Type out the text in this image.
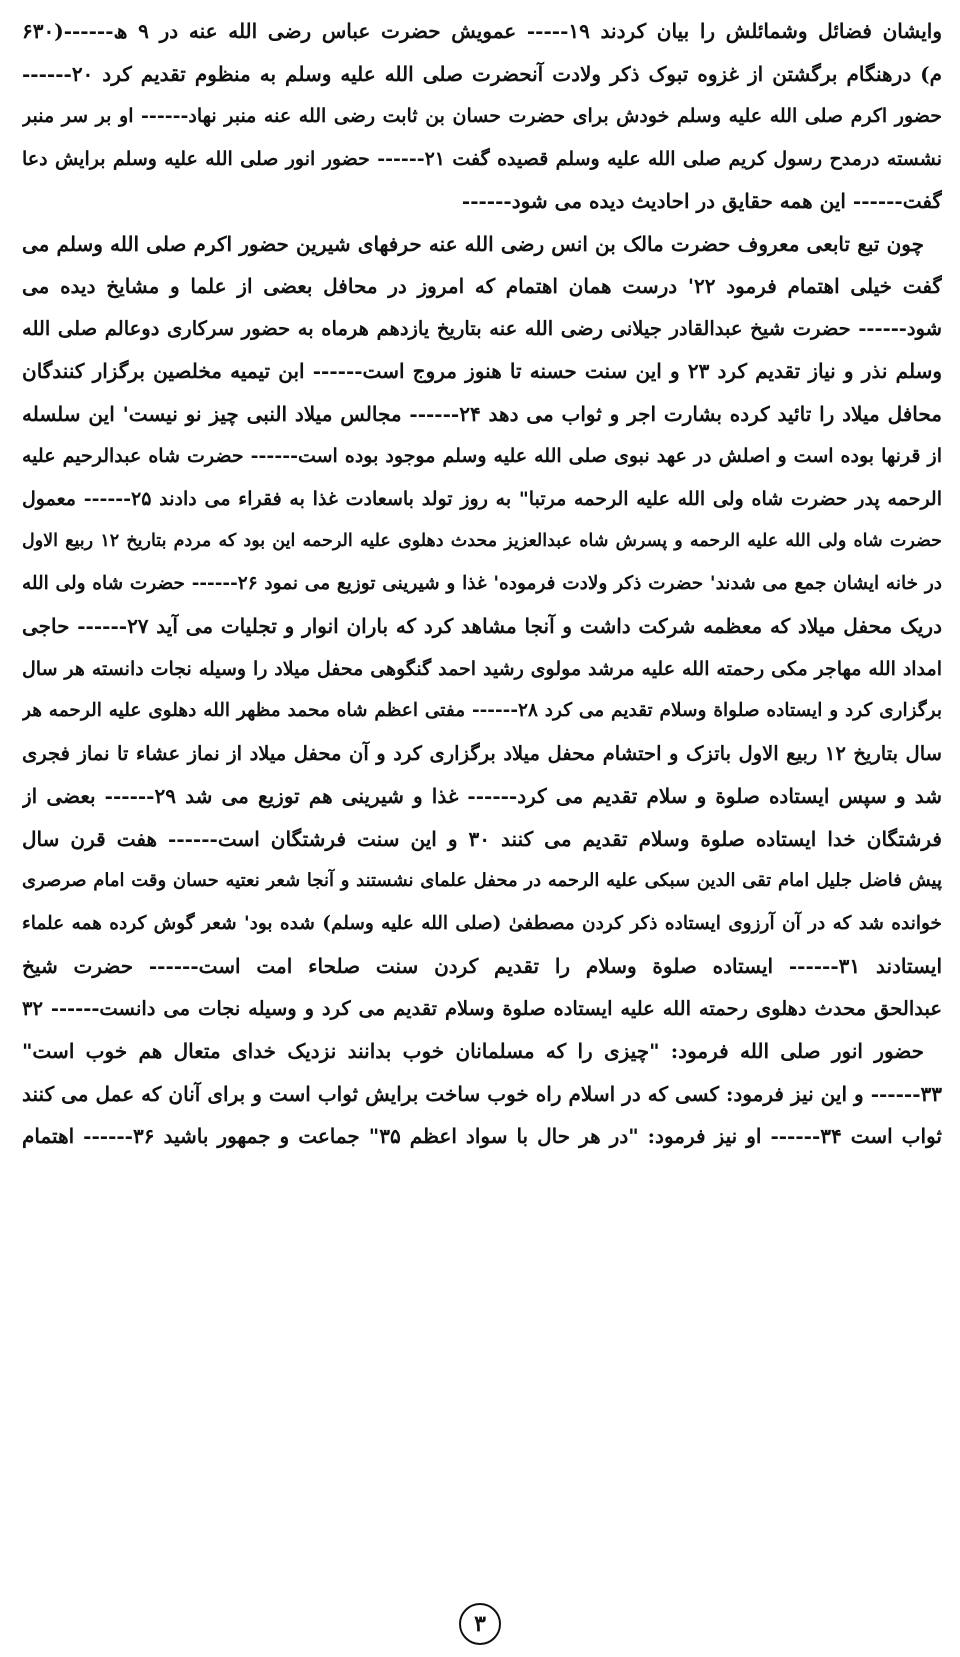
وایشان فضائل وشمائلش را بیان کردند ۱۹----- عمویش حضرت عباس رضی الله عنه در ۹ ھ------(۶۳۰
م) درهنگام برگشتن از غزوه تبوک ذکر ولادت آنحضرت صلی الله علیه وسلم به منظوم تقدیم کرد ۲۰------
حضور اکرم صلی الله علیه وسلم خودش برای حضرت حسان بن ثابت رضی الله عنه منبر نهاد------ او بر سر منبر
نشسته درمدح رسول کریم صلی الله علیه وسلم قصیده گفت ۲۱------ حضور انور صلی الله علیه وسلم برایش دعا
گفت------ این همه حقایق در احادیث دیده می شود------
چون تبع تابعی معروف حضرت مالک بن انس رضی الله عنه حرفهای شیرین حضور اکرم صلی الله وسلم می
گفت خیلی اهتمام فرمود ۲۲' درست همان اهتمام که امروز در محافل بعضی از علما و مشایخ دیده می
شود------ حضرت شیخ عبدالقادر جیلانی رضی الله عنه بتاریخ یازدهم هرماه به حضور سرکاری دوعالم صلی الله
وسلم نذر و نیاز تقدیم کرد ۲۳ و این سنت حسنه تا هنوز مروج است------ ابن تیمیه مخلصین برگزار کنندگان
محافل میلاد را تائید کرده بشارت اجر و ثواب می دهد ۲۴------ مجالس میلاد النبی چیز نو نیست' این سلسله
از قرنها بوده است و اصلش در عهد نبوی صلی الله علیه وسلم موجود بوده است------ حضرت شاه عبدالرحیم علیه
الرحمه پدر حضرت شاه ولی الله علیه الرحمه مرتبا" به روز تولد باسعادت غذا به فقراء می دادند ۲۵------ معمول
حضرت شاه ولی الله علیه الرحمه و پسرش شاه عبدالعزیز محدث دهلوی علیه الرحمه این بود که مردم بتاریخ ۱۲ ربیع الاول
در خانه ایشان جمع می شدند' حضرت ذکر ولادت فرموده' غذا و شیرینی توزیع می نمود ۲۶------ حضرت شاه ولی الله
دریک محفل میلاد که معظمه شرکت داشت و آنجا مشاهد کرد که باران انوار و تجلیات می آید ۲۷------ حاجی
امداد الله مهاجر مکی رحمته الله علیه مرشد مولوی رشید احمد گنگوهی محفل میلاد را وسیله نجات دانسته هر سال
برگزاری کرد و ایستاده صلواة وسلام تقدیم می کرد ۲۸------ مفتی اعظم شاه محمد مظهر الله دهلوی علیه الرحمه هر
سال بتاریخ ۱۲ ربیع الاول باتزک و احتشام محفل میلاد برگزاری کرد و آن محفل میلاد از نماز عشاء تا نماز فجری
شد و سپس ایستاده صلوة و سلام تقدیم می کرد------ غذا و شیرینی هم توزیع می شد ۲۹------ بعضی از
فرشتگان خدا ایستاده صلوة وسلام تقدیم می کنند ۳۰ و این سنت فرشتگان است------ هفت قرن سال
پیش فاضل جلیل امام تقی الدین سبکی علیه الرحمه در محفل علمای نشستند و آنجا شعر نعتیه حسان وقت امام صرصری
خوانده شد که در آن آرزوی ایستاده ذکر کردن مصطفیٰ (صلی الله علیه وسلم) شده بود' شعر گوش کرده همه علماء
ایستادند ۳۱------ ایستاده صلوة وسلام را تقدیم کردن سنت صلحاء امت است------ حضرت شیخ
عبدالحق محدث دهلوی رحمته الله علیه ایستاده صلوة وسلام تقدیم می کرد و وسیله نجات می دانست------ ۳۲
حضور انور صلی الله فرمود: "چیزی را که مسلمانان خوب بدانند نزدیک خدای متعال هم خوب است"
۳۳------ و این نیز فرمود: کسی که در اسلام راه خوب ساخت برایش ثواب است و برای آنان که عمل می کنند
ثواب است ۳۴------ او نیز فرمود: "در هر حال با سواد اعظم ۳۵" جماعت و جمهور باشید ۳۶------ اهتمام
۳
